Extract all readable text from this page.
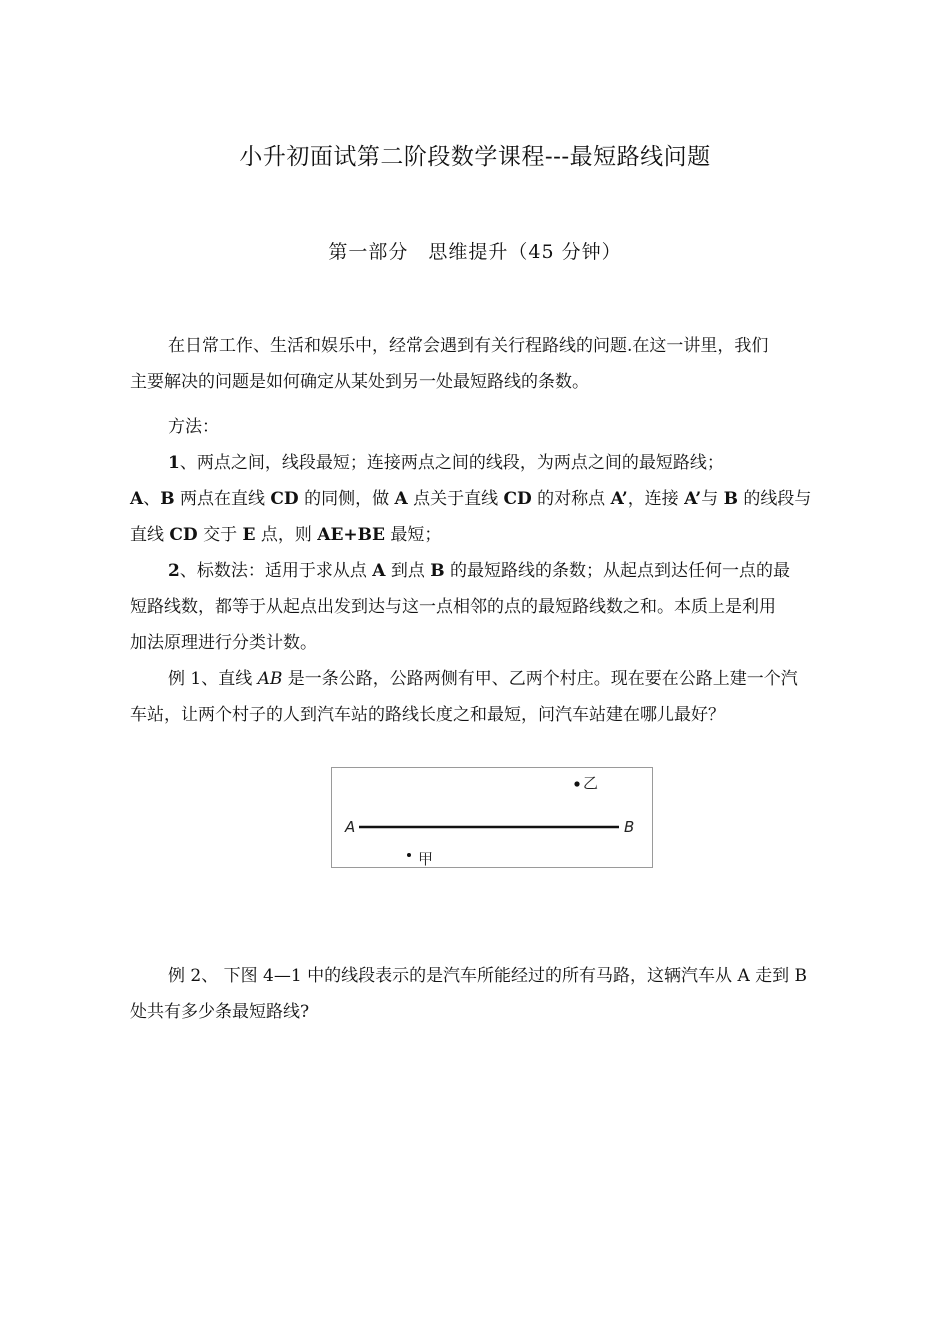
小升初面试第二阶段数学课程---最短路线问题
第一部分　思维提升（45 分钟）

在日常工作、生活和娱乐中，经常会遇到有关行程路线的问题.在这一讲里，我们

主要解决的问题是如何确定从某处到另一处最短路线的条数。

方法：

1、两点之间，线段最短；连接两点之间的线段，为两点之间的最短路线；

A、B 两点在直线 CD 的同侧，做 A 点关于直线 CD 的对称点 A’，连接 A’与 B 的线段与

直线 CD 交于 E 点，则 AE+BE 最短；

2、标数法：适用于求从点 A 到点 B 的最短路线的条数；从起点到达任何一点的最

短路线数，都等于从起点出发到达与这一点相邻的点的最短路线数之和。本质上是利用

加法原理进行分类计数。

例 1、直线 AB 是一条公路，公路两侧有甲、乙两个村庄。现在要在公路上建一个汽

车站，让两个村子的人到汽车站的路线长度之和最短，问汽车站建在哪儿最好？

A	B
乙
甲

例 2、 下图 4—1 中的线段表示的是汽车所能经过的所有马路，这辆汽车从 A 走到 B

处共有多少条最短路线?
